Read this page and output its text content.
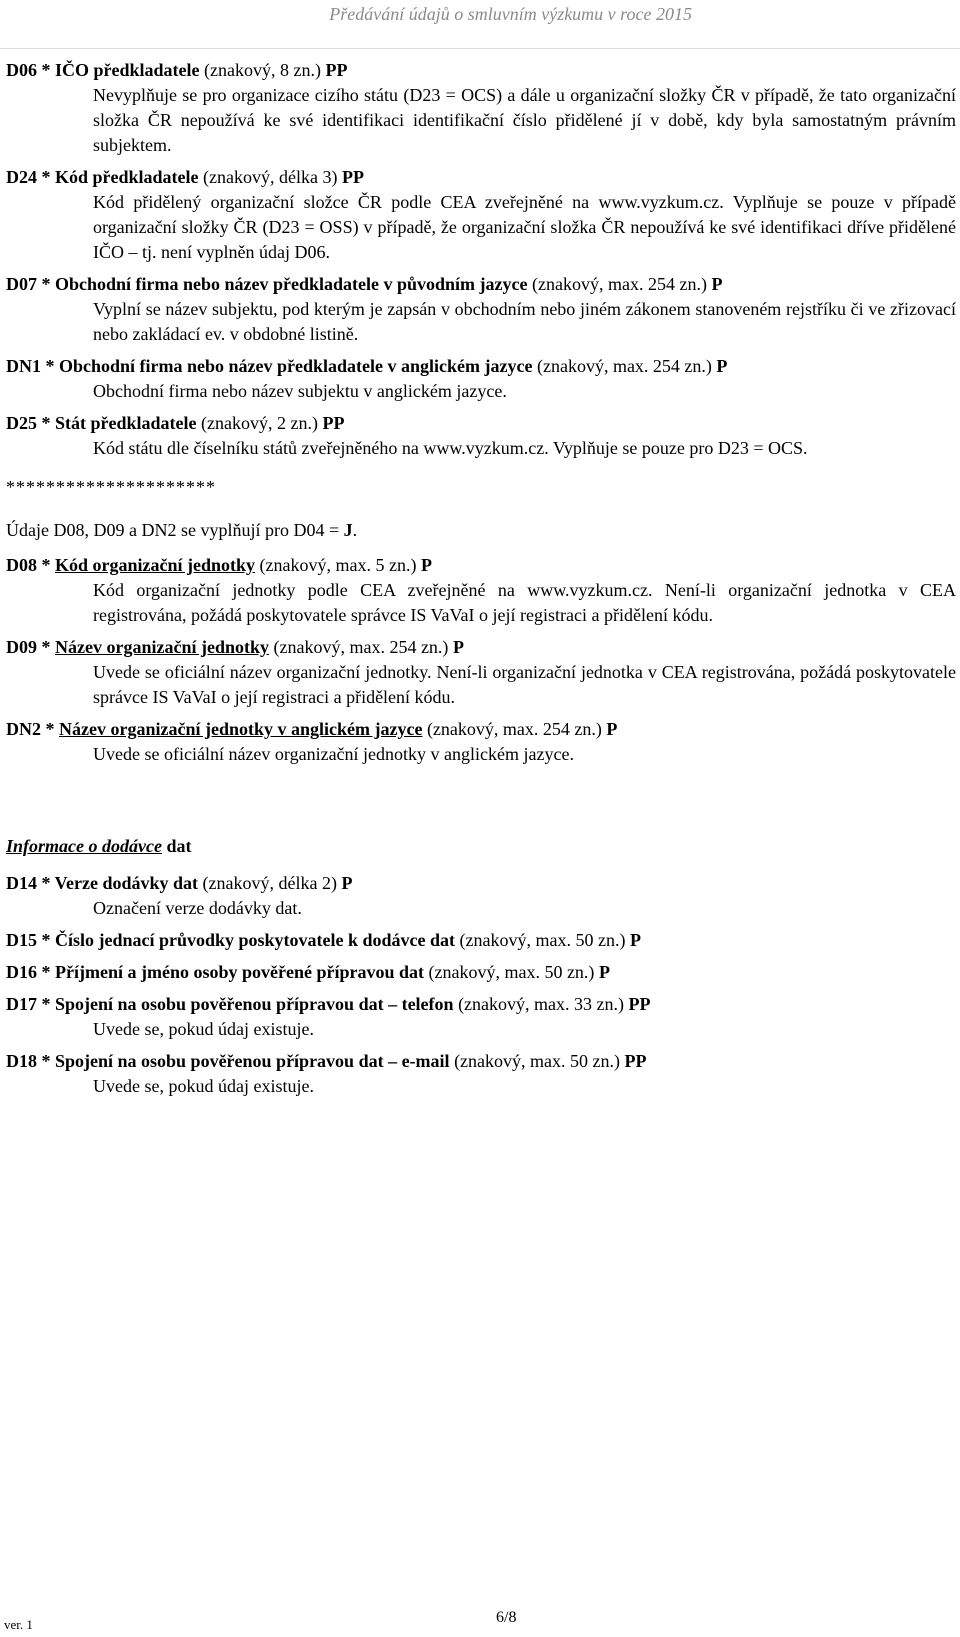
Předávání údajů o smluvním výzkumu v roce 2015
D06 * IČO předkladatele (znakový, 8 zn.) PP
Nevyplňuje se pro organizace cizího státu (D23 = OCS) a dále u organizační složky ČR v případě, že tato organizační složka ČR nepoužívá ke své identifikaci identifikační číslo přidělené jí v době, kdy byla samostatným právním subjektem.
D24 * Kód předkladatele (znakový, délka 3) PP
Kód přidělený organizační složce ČR podle CEA zveřejněné na www.vyzkum.cz. Vyplňuje se pouze v případě organizační složky ČR (D23 = OSS) v případě, že organizační složka ČR nepoužívá ke své identifikaci dříve přidělené IČO – tj. není vyplněn údaj D06.
D07 * Obchodní firma nebo název předkladatele v původním jazyce (znakový, max. 254 zn.) P
Vyplní se název subjektu, pod kterým je zapsán v obchodním nebo jiném zákonem stanoveném rejstříku či ve zřizovací nebo zakládací ev. v obdobné listině.
DN1 * Obchodní firma nebo název předkladatele v anglickém jazyce (znakový, max. 254 zn.) P
Obchodní firma nebo název subjektu v anglickém jazyce.
D25 * Stát předkladatele (znakový, 2 zn.) PP
Kód státu dle číselníku států zveřejněného na www.vyzkum.cz. Vyplňuje se pouze pro D23 = OCS.
*********************
Údaje D08, D09 a DN2 se vyplňují pro D04 = J.
D08 * Kód organizační jednotky (znakový, max. 5 zn.) P
Kód organizační jednotky podle CEA zveřejněné na www.vyzkum.cz. Není-li organizační jednotka v CEA registrována, požádá poskytovatele správce IS VaVaI o její registraci a přidělení kódu.
D09 * Název organizační jednotky (znakový, max. 254 zn.) P
Uvede se oficiální název organizační jednotky. Není-li organizační jednotka v CEA registrována, požádá poskytovatele správce IS VaVaI o její registraci a přidělení kódu.
DN2 * Název organizační jednotky v anglickém jazyce (znakový, max. 254 zn.) P
Uvede se oficiální název organizační jednotky v anglickém jazyce.
Informace o dodávce dat
D14 * Verze dodávky dat (znakový, délka 2) P
Označení verze dodávky dat.
D15 * Číslo jednací průvodky poskytovatele k dodávce dat (znakový, max. 50 zn.) P
D16 * Příjmení a jméno osoby pověřené přípravou dat (znakový, max. 50 zn.) P
D17 * Spojení na osobu pověřenou přípravou dat – telefon (znakový, max. 33 zn.) PP
Uvede se, pokud údaj existuje.
D18 * Spojení na osobu pověřenou přípravou dat – e-mail (znakový, max. 50 zn.) PP
Uvede se, pokud údaj existuje.
ver. 1	6/8
